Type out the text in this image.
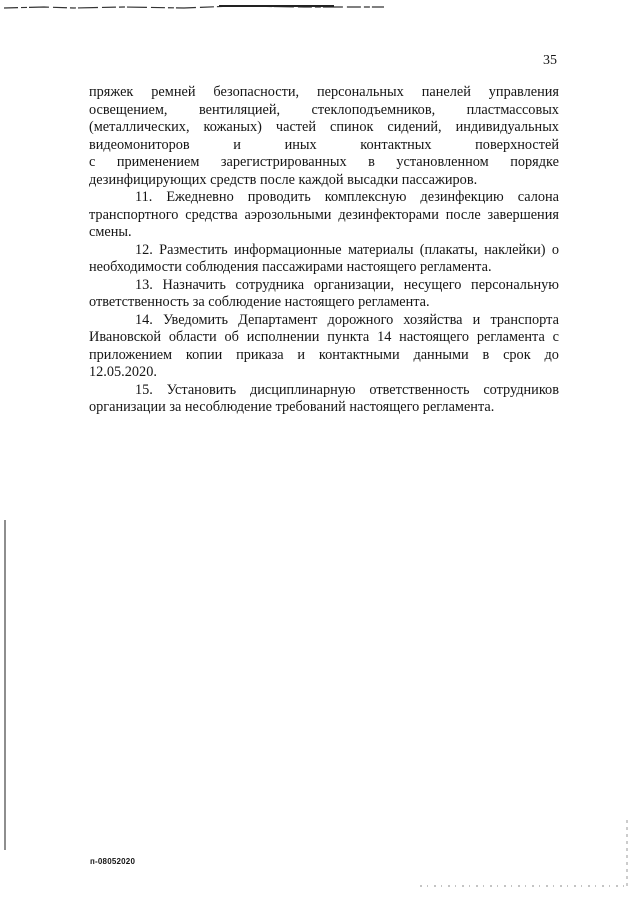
35
пряжек ремней безопасности, персональных панелей управления
освещением, вентиляцией, стеклоподъемников, пластмассовых
(металлических, кожаных) частей спинок сидений, индивидуальных
видеомониторов	и	иных	контактных	поверхностей
с применением зарегистрированных в установленном порядке
дезинфицирующих средств после каждой высадки пассажиров.
11. Ежедневно проводить комплексную дезинфекцию салона
транспортного средства аэрозольными дезинфекторами после завершения
смены.
12. Разместить информационные материалы (плакаты, наклейки) о
необходимости соблюдения пассажирами настоящего регламента.
13. Назначить сотрудника организации, несущего персональную
ответственность за соблюдение настоящего регламента.
14. Уведомить Департамент дорожного хозяйства и транспорта
Ивановской области об исполнении пункта 14 настоящего регламента с
приложением копии приказа и контактными данными в срок до
12.05.2020.
15. Установить дисциплинарную ответственность сотрудников
организации за несоблюдение требований настоящего регламента.
п-08052020
